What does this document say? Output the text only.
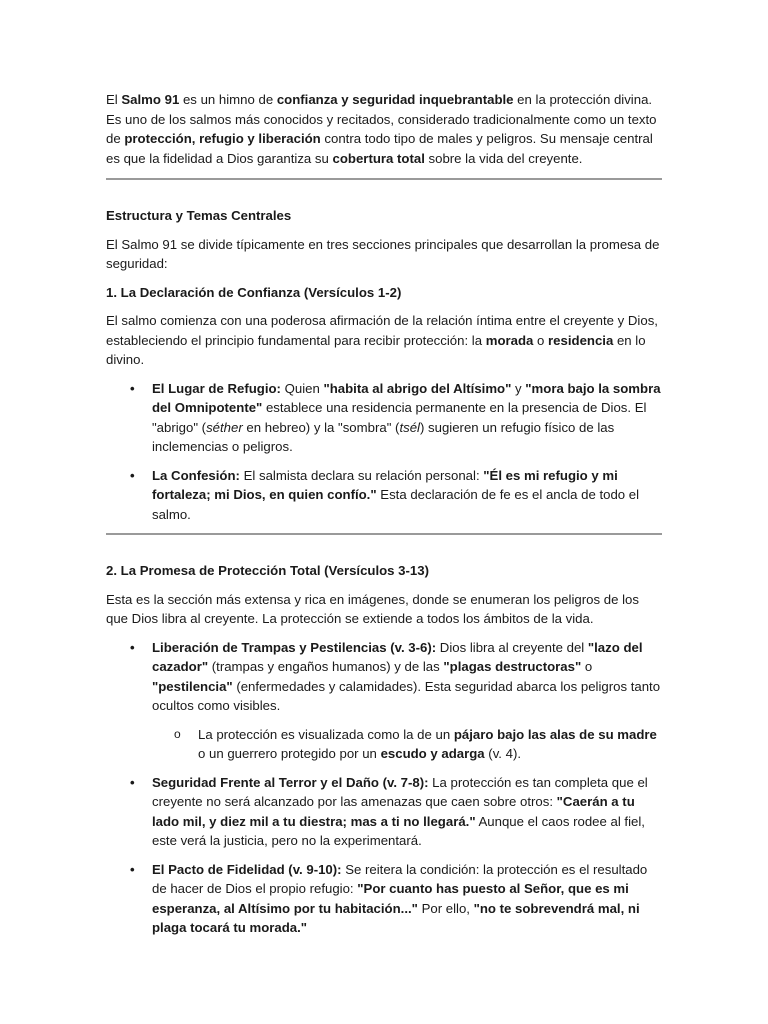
El Salmo 91 es un himno de confianza y seguridad inquebrantable en la protección divina. Es uno de los salmos más conocidos y recitados, considerado tradicionalmente como un texto de protección, refugio y liberación contra todo tipo de males y peligros. Su mensaje central es que la fidelidad a Dios garantiza su cobertura total sobre la vida del creyente.

Estructura y Temas Centrales

El Salmo 91 se divide típicamente en tres secciones principales que desarrollan la promesa de seguridad:

1. La Declaración de Confianza (Versículos 1-2)

El salmo comienza con una poderosa afirmación de la relación íntima entre el creyente y Dios, estableciendo el principio fundamental para recibir protección: la morada o residencia en lo divino.

• El Lugar de Refugio: Quien "habita al abrigo del Altísimo" y "mora bajo la sombra del Omnipotente" establece una residencia permanente en la presencia de Dios. El "abrigo" (séther en hebreo) y la "sombra" (tsél) sugieren un refugio físico de las inclemencias o peligros.
• La Confesión: El salmista declara su relación personal: "Él es mi refugio y mi fortaleza; mi Dios, en quien confío." Esta declaración de fe es el ancla de todo el salmo.

2. La Promesa de Protección Total (Versículos 3-13)

Esta es la sección más extensa y rica en imágenes, donde se enumeran los peligros de los que Dios libra al creyente. La protección se extiende a todos los ámbitos de la vida.

• Liberación de Trampas y Pestilencias (v. 3-6): Dios libra al creyente del "lazo del cazador" (trampas y engaños humanos) y de las "plagas destructoras" o "pestilencia" (enfermedades y calamidades). Esta seguridad abarca los peligros tanto ocultos como visibles.
o La protección es visualizada como la de un pájaro bajo las alas de su madre o un guerrero protegido por un escudo y adarga (v. 4).
• Seguridad Frente al Terror y el Daño (v. 7-8): La protección es tan completa que el creyente no será alcanzado por las amenazas que caen sobre otros: "Caerán a tu lado mil, y diez mil a tu diestra; mas a ti no llegará." Aunque el caos rodee al fiel, este verá la justicia, pero no la experimentará.
• El Pacto de Fidelidad (v. 9-10): Se reitera la condición: la protección es el resultado de hacer de Dios el propio refugio: "Por cuanto has puesto al Señor, que es mi esperanza, al Altísimo por tu habitación..." Por ello, "no te sobrevendrá mal, ni plaga tocará tu morada."
